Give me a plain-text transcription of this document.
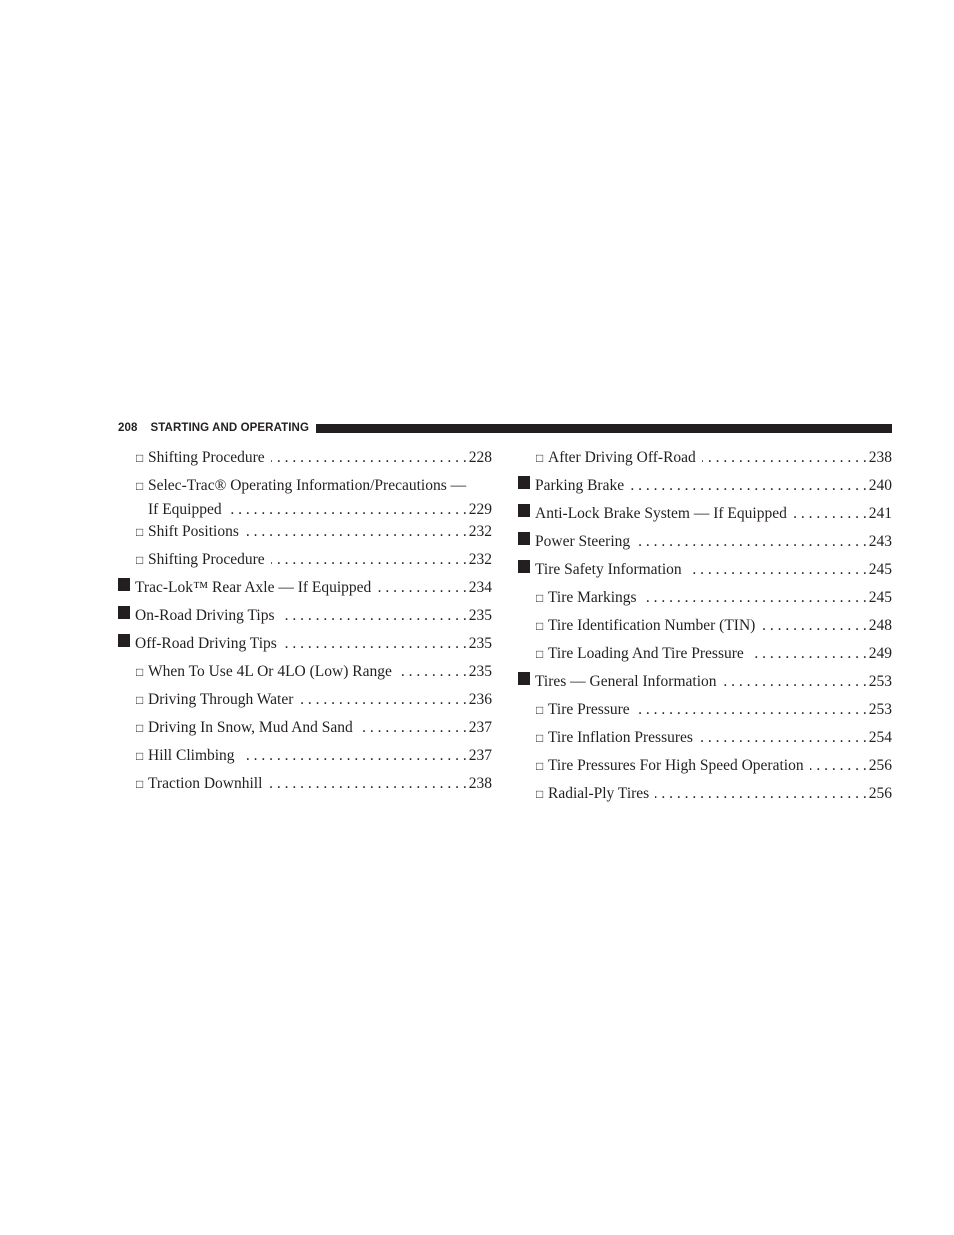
208 STARTING AND OPERATING
□ Shifting Procedure . . .	228
□ Selec-Trac® Operating Information/Precautions —
If Equipped . . .	229
□ Shift Positions . . .	232
□ Shifting Procedure . . .	232
Trac-Lok™ Rear Axle — If Equipped . . .	234
On-Road Driving Tips . . .	235
Off-Road Driving Tips . . .	235
□ When To Use 4L Or 4LO (Low) Range . . .	235
□ Driving Through Water . . .	236
□ Driving In Snow, Mud And Sand . . .	237
□ Hill Climbing . . .	237
□ Traction Downhill . . .	238
□ After Driving Off-Road . . .	238
Parking Brake . . .	240
Anti-Lock Brake System — If Equipped . . .	241
Power Steering . . .	243
Tire Safety Information . . .	245
□ Tire Markings . . .	245
□ Tire Identification Number (TIN) . . .	248
□ Tire Loading And Tire Pressure . . .	249
Tires — General Information . . .	253
□ Tire Pressure . . .	253
□ Tire Inflation Pressures . . .	254
□ Tire Pressures For High Speed Operation . . .	256
□ Radial-Ply Tires . . .	256
